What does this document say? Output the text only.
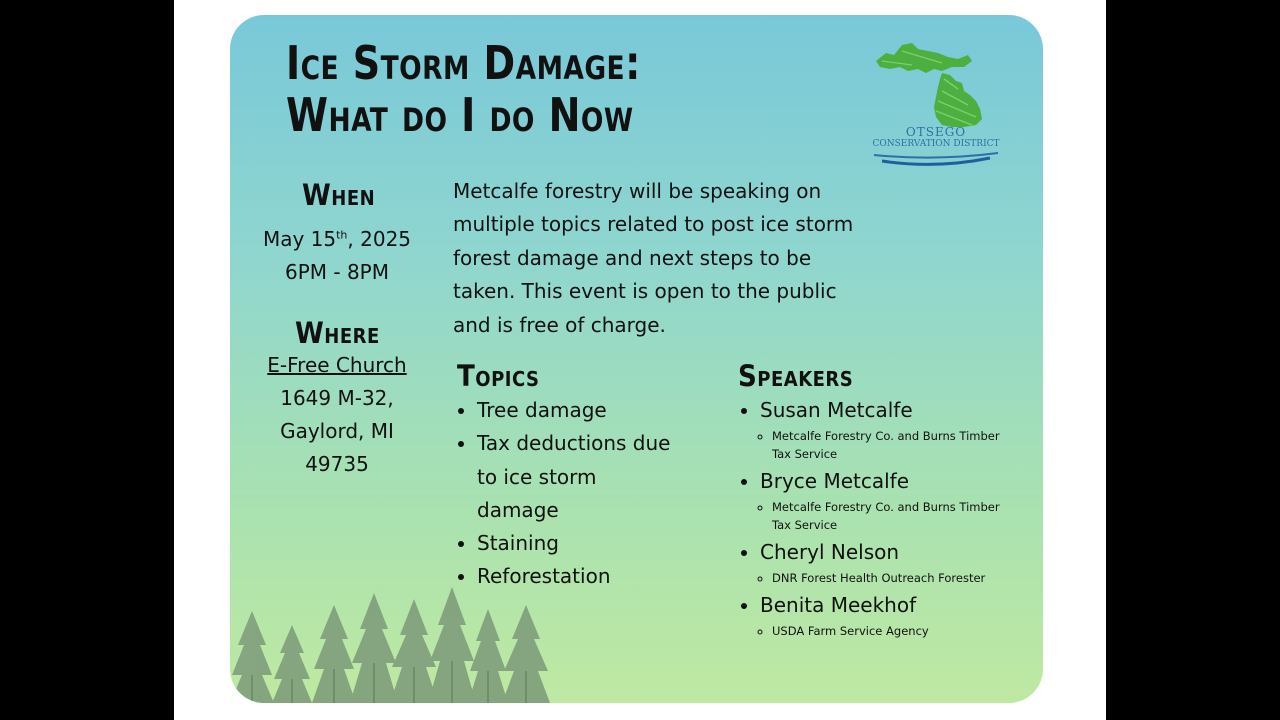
Ice Storm Damage:
What do I do Now	OTSEGO
CONSERVATION DISTRICT
When
May 15th, 2025
6PM - 8PM
Where
E-Free Church
1649 M-32,
Gaylord, MI
49735

Metcalfe forestry will be speaking on multiple topics related to post ice storm forest damage and next steps to be taken. This event is open to the public and is free of charge.

Topics
• Tree damage
• Tax deductions due to ice storm damage
• Staining
• Reforestation
Speakers
• Susan Metcalfe
◦ Metcalfe Forestry Co. and Burns Timber Tax Service
• Bryce Metcalfe
◦ Metcalfe Forestry Co. and Burns Timber Tax Service
• Cheryl Nelson
◦ DNR Forest Health Outreach Forester
• Benita Meekhof
◦ USDA Farm Service Agency
